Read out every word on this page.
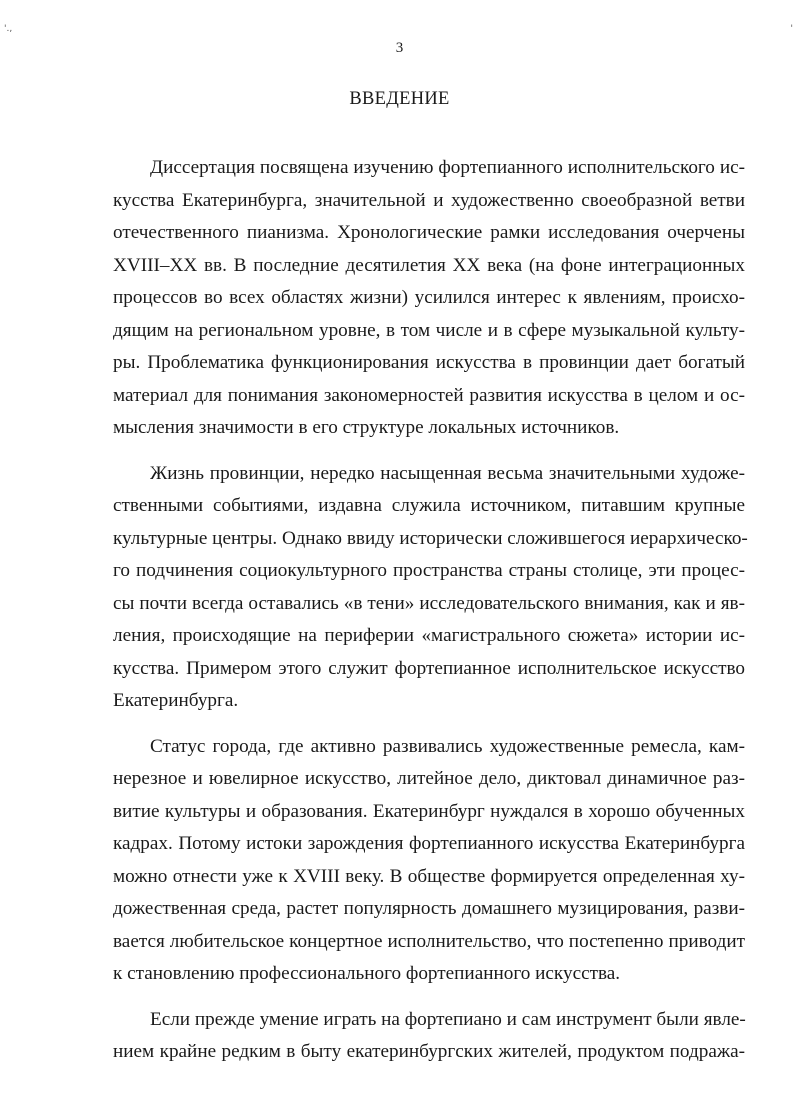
'.,	'
3
ВВЕДЕНИЕ
Диссертация посвящена изучению фортепианного исполнительского ис-
кусства Екатеринбурга, значительной и художественно своеобразной ветви
отечественного пианизма. Хронологические рамки исследования очерчены
XVIII–XX вв. В последние десятилетия XX века (на фоне интеграционных
процессов во всех областях жизни) усилился интерес к явлениям, происхо-
дящим на региональном уровне, в том числе и в сфере музыкальной культу-
ры. Проблематика функционирования искусства в провинции дает богатый
материал для понимания закономерностей развития искусства в целом и ос-
мысления значимости в его структуре локальных источников.
Жизнь провинции, нередко насыщенная весьма значительными художе-
ственными событиями, издавна служила источником, питавшим крупные
культурные центры. Однако ввиду исторически сложившегося иерархическо-
го подчинения социокультурного пространства страны столице, эти процес-
сы почти всегда оставались «в тени» исследовательского внимания, как и яв-
ления, происходящие на периферии «магистрального сюжета» истории ис-
кусства. Примером этого служит фортепианное исполнительское искусство
Екатеринбурга.
Статус города, где активно развивались художественные ремесла, кам-
нерезное и ювелирное искусство, литейное дело, диктовал динамичное раз-
витие культуры и образования. Екатеринбург нуждался в хорошо обученных
кадрах. Потому истоки зарождения фортепианного искусства Екатеринбурга
можно отнести уже к XVIII веку. В обществе формируется определенная ху-
дожественная среда, растет популярность домашнего музицирования, разви-
вается любительское концертное исполнительство, что постепенно приводит
к становлению профессионального фортепианного искусства.
Если прежде умение играть на фортепиано и сам инструмент были явле-
нием крайне редким в быту екатеринбургских жителей, продуктом подража-
